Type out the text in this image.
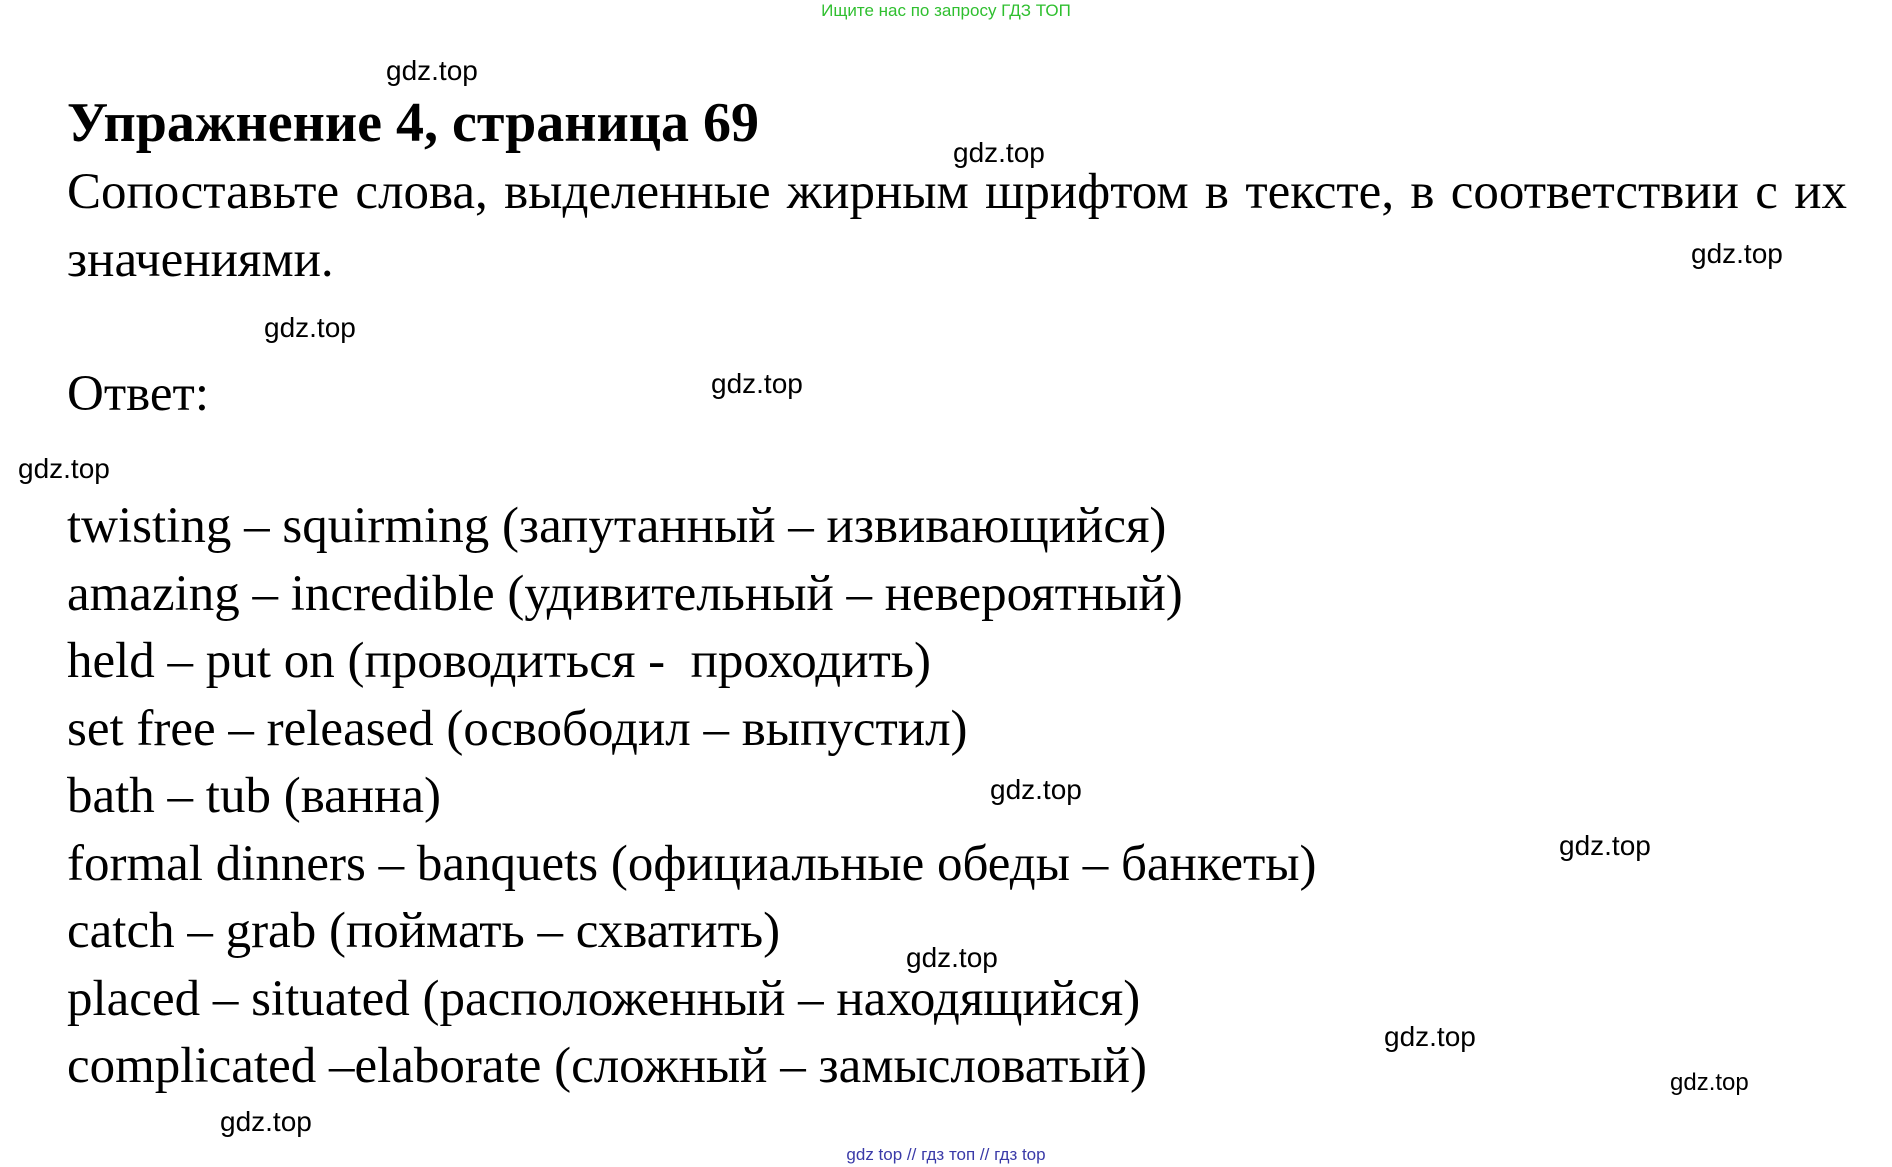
Ищите нас по запросу ГДЗ ТОП
gdz.top
gdz.top
gdz.top
gdz.top
gdz.top
gdz.top
gdz.top
gdz.top
gdz.top
gdz.top
gdz.top
gdz.top
Упражнение 4, страница 69
Сопоставьте слова, выделенные жирным шрифтом в тексте, в соответствии с их значениями.
Ответ:
twisting – squirming (запутанный – извивающийся)
amazing – incredible (удивительный – невероятный)
held – put on (проводиться -  проходить)
set free – released (освободил – выпустил)
bath – tub (ванна)
formal dinners – banquets (официальные обеды – банкеты)
catch – grab (поймать – схватить)
placed – situated (расположенный – находящийся)
complicated –elaborate (сложный – замысловатый)
gdz top // гдз топ // гдз top
